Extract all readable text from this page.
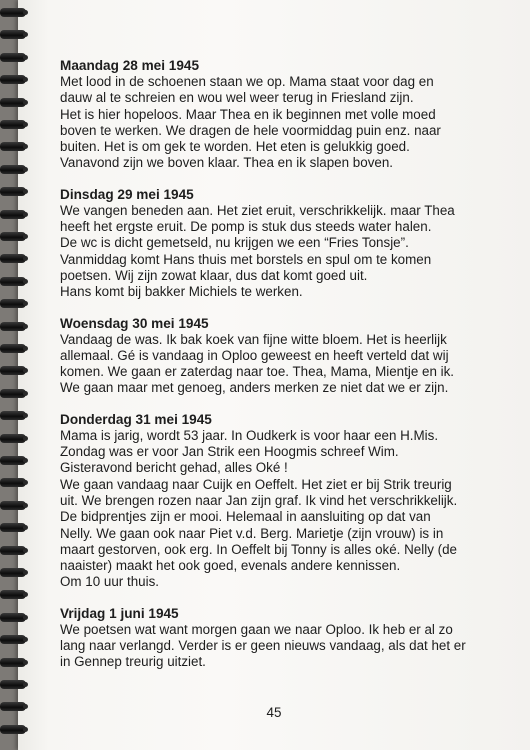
Maandag 28 mei 1945
Met lood in de schoenen staan we op. Mama staat voor dag en
dauw al te schreien en wou wel weer terug in Friesland zijn.
Het is hier hopeloos. Maar Thea en ik beginnen met volle moed
boven te werken. We dragen de hele voormiddag puin enz. naar
buiten. Het is om gek te worden. Het eten is gelukkig goed.
Vanavond zijn we boven klaar. Thea en ik slapen boven.
Dinsdag 29 mei 1945
We vangen beneden aan. Het ziet eruit, verschrikkelijk. maar Thea
heeft het ergste eruit. De pomp is stuk dus steeds water halen.
De wc is dicht gemetseld, nu krijgen we een “Fries Tonsje”.
Vanmiddag komt Hans thuis met borstels en spul om te komen
poetsen. Wij zijn zowat klaar, dus dat komt goed uit.
Hans komt bij bakker Michiels te werken.
Woensdag 30 mei 1945
Vandaag de was. Ik bak koek van fijne witte bloem. Het is heerlijk
allemaal. Gé is vandaag in Oploo geweest en heeft verteld dat wij
komen. We gaan er zaterdag naar toe. Thea, Mama, Mientje en ik.
We gaan maar met genoeg, anders merken ze niet dat we er zijn.
Donderdag 31 mei 1945
Mama is jarig, wordt 53 jaar. In Oudkerk is voor haar een H.Mis.
Zondag was er voor Jan Strik een Hoogmis schreef Wim.
Gisteravond bericht gehad, alles Oké !
We gaan vandaag naar Cuijk en Oeffelt. Het ziet er bij Strik treurig
uit. We brengen rozen naar Jan zijn graf. Ik vind het verschrikkelijk.
De bidprentjes zijn er mooi. Helemaal in aansluiting op dat van
Nelly. We gaan ook naar Piet v.d. Berg. Marietje (zijn vrouw) is in
maart gestorven, ook erg. In Oeffelt bij Tonny is alles oké. Nelly (de
naaister) maakt het ook goed, evenals andere kennissen.
Om 10 uur thuis.
Vrijdag 1 juni 1945
We poetsen wat want morgen gaan we naar Oploo. Ik heb er al zo
lang naar verlangd. Verder is er geen nieuws vandaag, als dat het er
in Gennep treurig uitziet.
45
